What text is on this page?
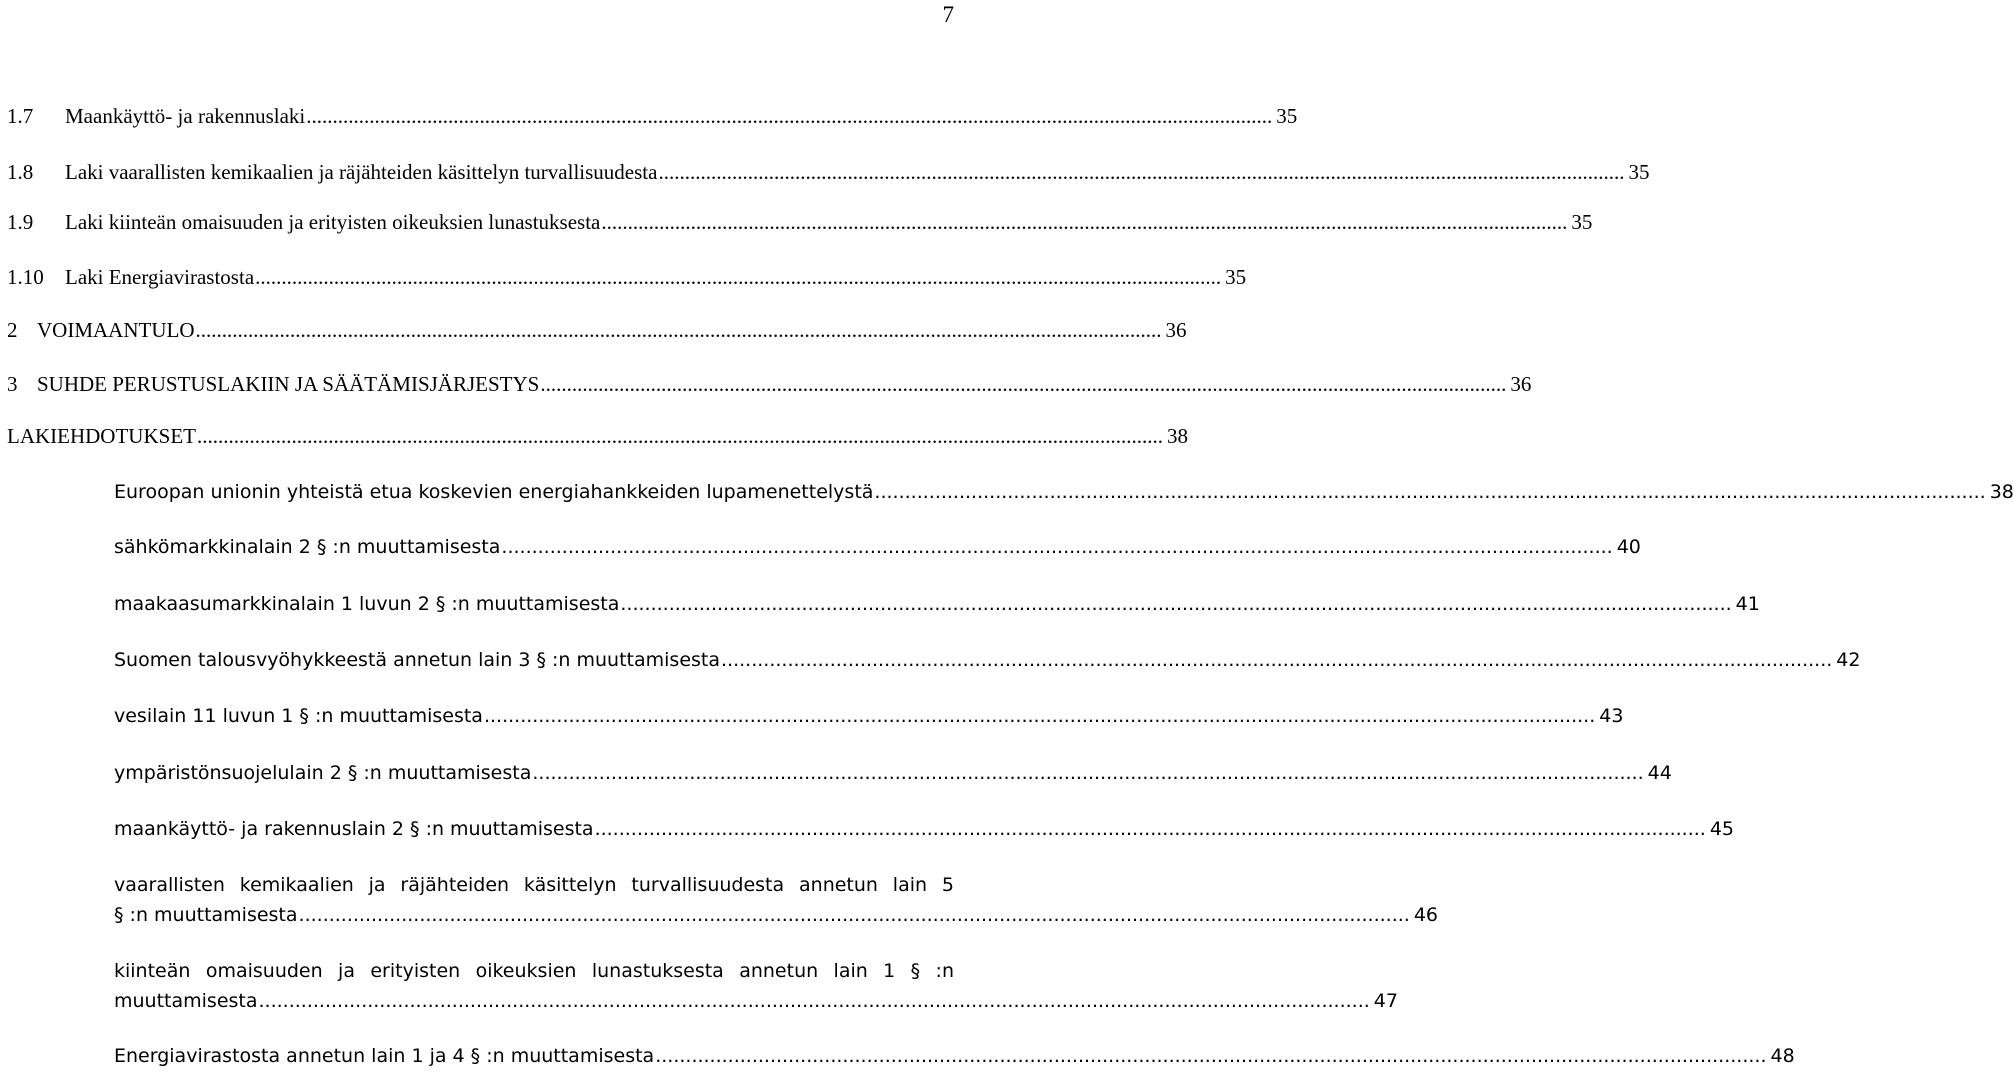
7
1.7 Maankäyttö- ja rakennuslaki ........................................................................................................................................................................................ 35
1.8 Laki vaarallisten kemikaalien ja räjähteiden käsittelyn turvallisuudesta ........................................................................................................................................................................................ 35
1.9 Laki kiinteän omaisuuden ja erityisten oikeuksien lunastuksesta ........................................................................................................................................................................................ 35
1.10 Laki Energiavirastosta ........................................................................................................................................................................................ 35
2 VOIMAANTULO ........................................................................................................................................................................................ 36
3 SUHDE PERUSTUSLAKIIN JA SÄÄTÄMISJÄRJESTYS ........................................................................................................................................................................................ 36
LAKIEHDOTUKSET ........................................................................................................................................................................................ 38
Euroopan unionin yhteistä etua koskevien energiahankkeiden lupamenettelystä ........................................................................................................................................................................................ 38
sähkömarkkinalain 2 § :n muuttamisesta ........................................................................................................................................................................................ 40
maakaasumarkkinalain 1 luvun 2 § :n muuttamisesta ........................................................................................................................................................................................ 41
Suomen talousvyöhykkeestä annetun lain 3 § :n muuttamisesta ........................................................................................................................................................................................ 42
vesilain 11 luvun 1 § :n muuttamisesta ........................................................................................................................................................................................ 43
ympäristönsuojelulain 2 § :n muuttamisesta ........................................................................................................................................................................................ 44
maankäyttö- ja rakennuslain 2 § :n muuttamisesta ........................................................................................................................................................................................ 45
vaarallisten kemikaalien ja räjähteiden käsittelyn turvallisuudesta annetun lain 5
§ :n muuttamisesta ........................................................................................................................................................................................ 46
kiinteän omaisuuden ja erityisten oikeuksien lunastuksesta annetun lain 1 § :n
muuttamisesta ........................................................................................................................................................................................ 47
Energiavirastosta annetun lain 1 ja 4 § :n muuttamisesta ........................................................................................................................................................................................ 48
